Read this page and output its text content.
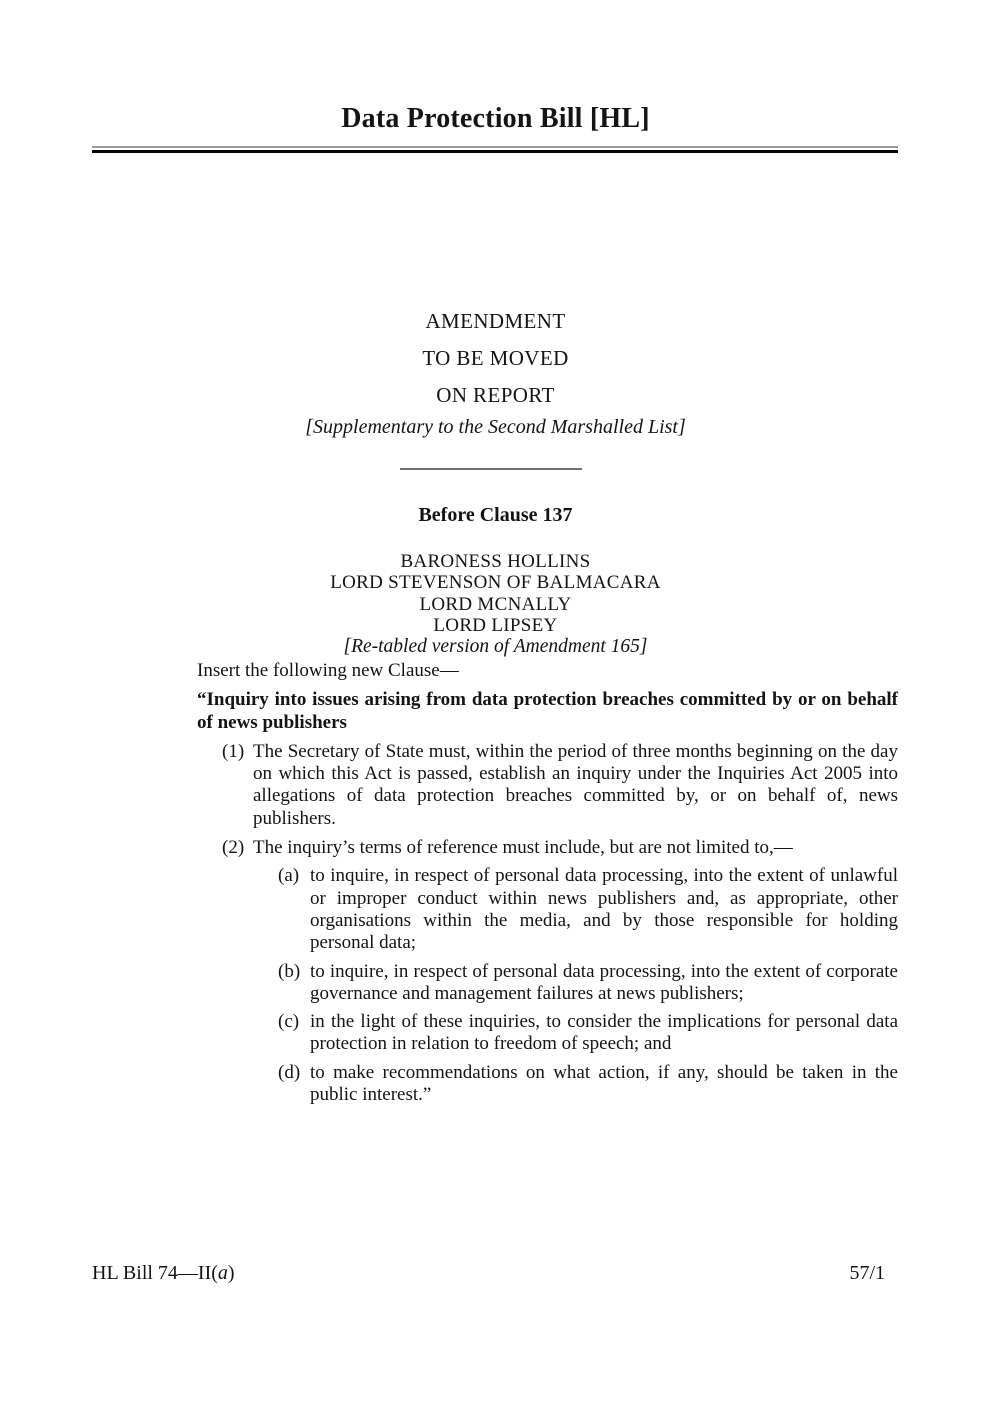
Data Protection Bill [HL]
AMENDMENT
TO BE MOVED
ON REPORT
[Supplementary to the Second Marshalled List]
Before Clause 137
BARONESS HOLLINS
LORD STEVENSON OF BALMACARA
LORD MCNALLY
LORD LIPSEY
[Re-tabled version of Amendment 165]
Insert the following new Clause—
“Inquiry into issues arising from data protection breaches committed by or on behalf of news publishers
(1) The Secretary of State must, within the period of three months beginning on the day on which this Act is passed, establish an inquiry under the Inquiries Act 2005 into allegations of data protection breaches committed by, or on behalf of, news publishers.
(2) The inquiry’s terms of reference must include, but are not limited to,—
(a) to inquire, in respect of personal data processing, into the extent of unlawful or improper conduct within news publishers and, as appropriate, other organisations within the media, and by those responsible for holding personal data;
(b) to inquire, in respect of personal data processing, into the extent of corporate governance and management failures at news publishers;
(c) in the light of these inquiries, to consider the implications for personal data protection in relation to freedom of speech; and
(d) to make recommendations on what action, if any, should be taken in the public interest.”
HL Bill 74—II(a)	57/1
